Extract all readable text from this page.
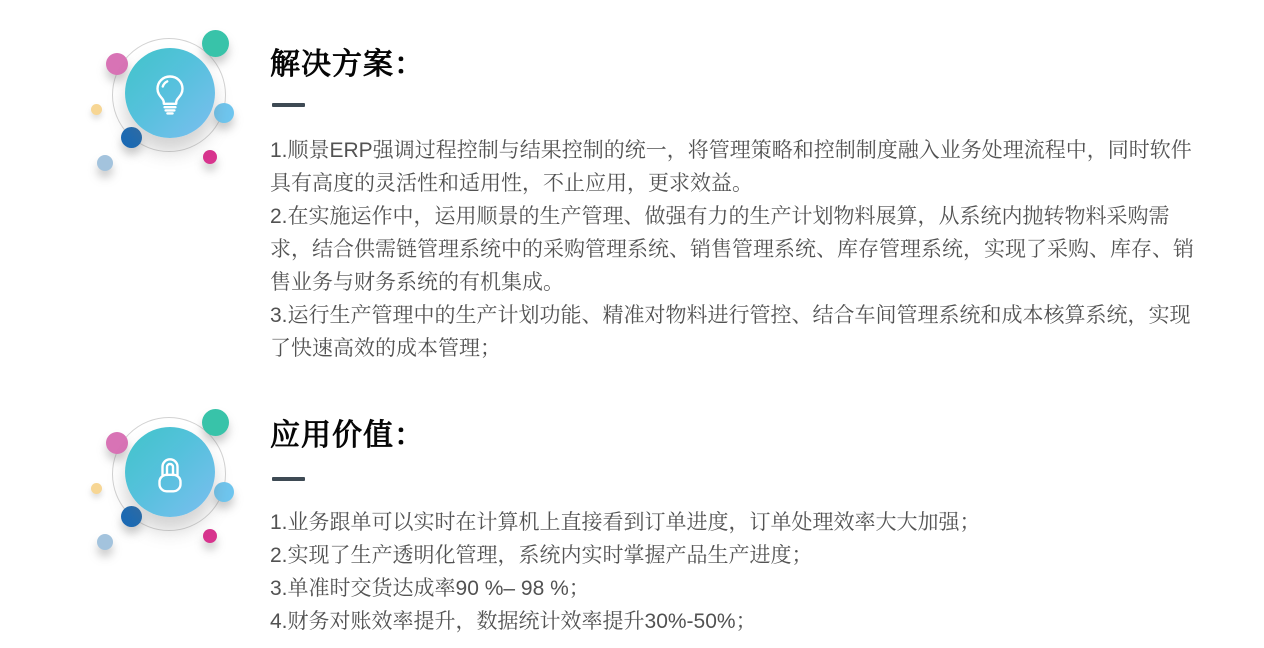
解决方案：

1.顺景ERP强调过程控制与结果控制的统一，将管理策略和控制制度融入业务处理流程中，同时软件具有高度的灵活性和适用性，不止应用，更求效益。

2.在实施运作中，运用顺景的生产管理、做强有力的生产计划物料展算，从系统内抛转物料采购需求，结合供需链管理系统中的采购管理系统、销售管理系统、库存管理系统，实现了采购、库存、销售业务与财务系统的有机集成。

3.运行生产管理中的生产计划功能、精准对物料进行管控、结合车间管理系统和成本核算系统，实现了快速高效的成本管理；

应用价值：

1.业务跟单可以实时在计算机上直接看到订单进度，订单处理效率大大加强；

2.实现了生产透明化管理，系统内实时掌握产品生产进度；

3.单准时交货达成率90 %– 98 %；

4.财务对账效率提升，数据统计效率提升30%-50%；
